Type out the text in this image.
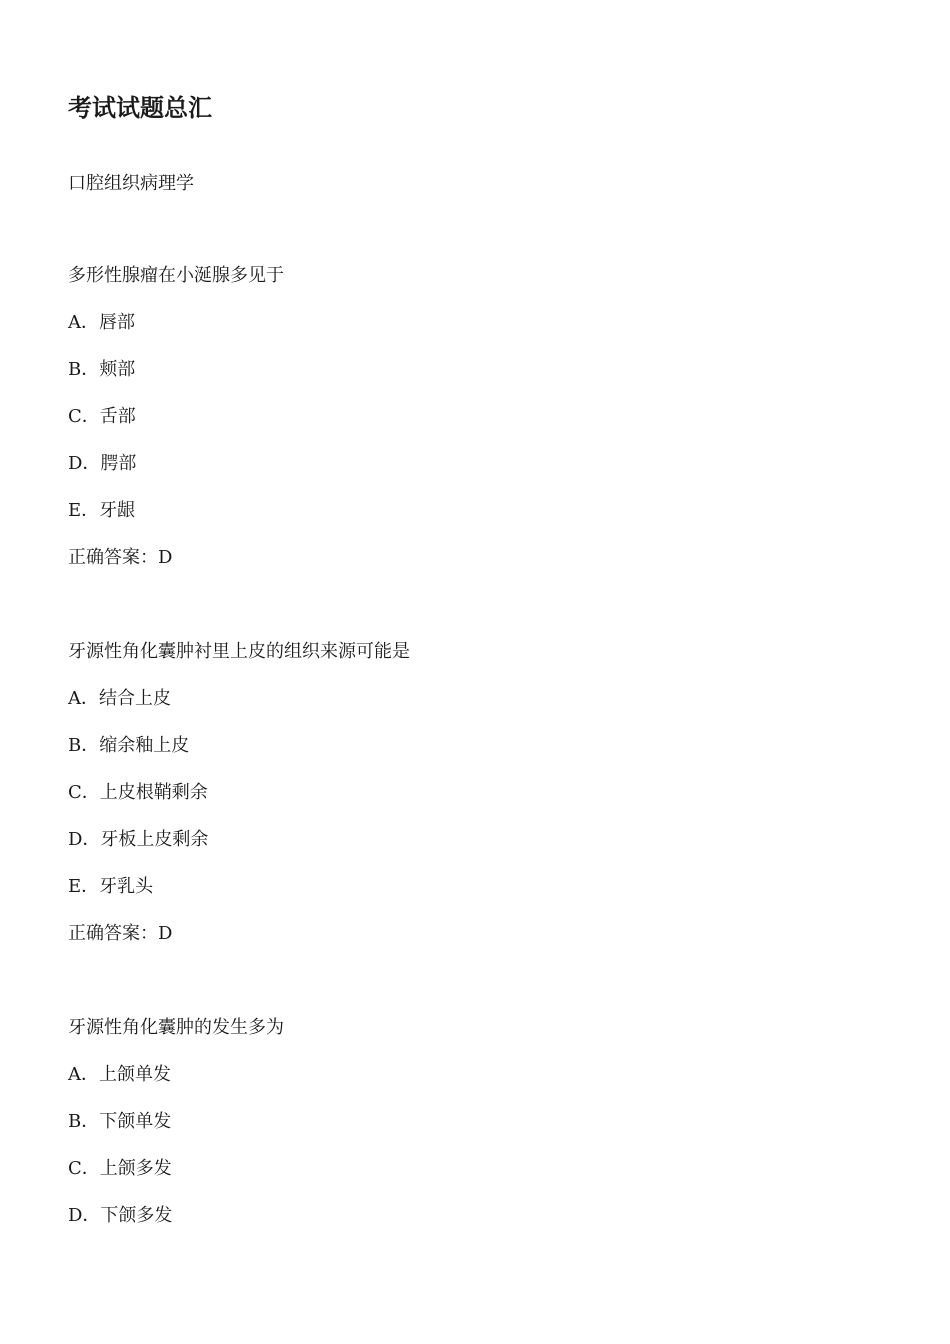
考试试题总汇
口腔组织病理学
多形性腺瘤在小涎腺多见于
A．唇部
B．颊部
C．舌部
D．腭部
E．牙龈
正确答案：D
牙源性角化囊肿衬里上皮的组织来源可能是
A．结合上皮
B．缩余釉上皮
C．上皮根鞘剩余
D．牙板上皮剩余
E．牙乳头
正确答案：D
牙源性角化囊肿的发生多为
A．上颌单发
B．下颌单发
C．上颌多发
D．下颌多发
